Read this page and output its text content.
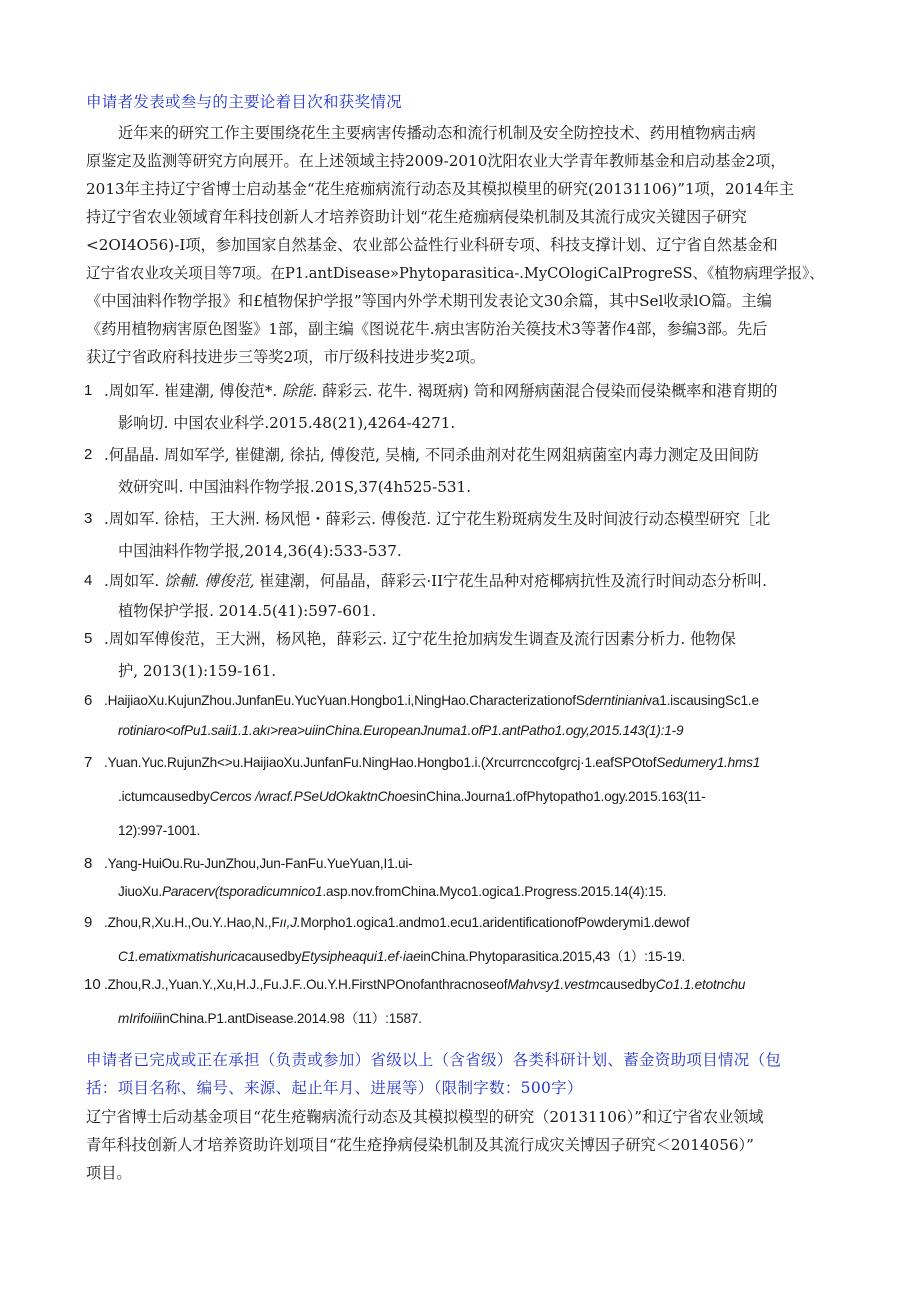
申请者发表或叁与的主要论着目次和获奖情况
近年来的研究工作主要围绕花生主要病害传播动态和流行机制及安全防控技术、药用植物病击病
原鉴定及监测等研究方向展开。在上述领域主持2009-2010沈阳农业大学青年教师基金和启动基金2项，
2013年主持辽宁省博士启动基金“花生疮痂病流行动态及其模拟模里的研究(20131106)”1项，2014年主
持辽宁省农业领域育年科技创新人才培养资助计划“花生疮痂病侵染机制及其流行成灾关键因子研究
<2OI4O56)-I项，参加国家自然基金、农业部公益性行业科研专项、科技支撑计划、辽宁省自然基金和
辽宁省农业攻关项目等7项。在P1.antDisease»Phytoparasitica-.MyCOlogiCalProgreSS、《植物病理学报》、
《中国油料作物学报》和£植物保护学报”等国内外学术期刊发表论文30余篇，其中Sel收录lO篇。主编
《药用植物病害原色图鉴》1部，副主编《图说花牛.病虫害防治关篌技术3等著作4部，参编3部。先后
获辽宁省政府科技进步三等奖2项，市厅级科技进步奖2项。
1 .周如军. 崔建潮, 傅俊范*. 除能. 薛彩云. 花牛. 褐斑病) 笥和网掰病菌混合侵染而侵染概率和港育期的
影响切. 中国农业科学.2015.48(21),4264-4271.
2 .何晶晶. 周如军学, 崔健潮, 徐拈, 傅俊范, 吴楠, 不同杀曲剂对花生网爼病菌室内毒力测定及田间防
效研究叫. 中国油料作物学报.201S,37(4h525-531.
3 .周如军. 徐桔，王大洲. 杨风悒・薛彩云. 傅俊范. 辽宁花生粉斑病发生及时间波行动态模型研究［北
中国油料作物学报,2014,36(4):533-537.
4 .周如军. 馀輔. 傅俊范, 崔建潮，何晶晶，薛彩云·II宁花生品种对疮椰病抗性及流行时间动态分析叫.
植物保护学报. 2014.5(41):597-601.
5 .周如军傅俊范，王大洲，杨风艳，薛彩云. 辽宁花生抢加病发生调查及流行因素分析力. 他物保
护, 2013(1):159-161.
6 .HaijiaoXu.KujunZhou.JunfanEu.YucYuan.Hongbo1.i,NingHao.CharacterizationofSderntinianiva1.iscausingSc1.e
rotiniaro<ofPu1.saii1.1.akı>rea>uiinChina.EuropeanJnuma1.ofP1.antPatho1.ogy,2015.143(1):1-9
7 .Yuan.Yuc.RujunZh<>u.HaijiaoXu.JunfanFu.NingHao.Hongbo1.i.(Xrcurrcnccofgrcj·1.eafSPOtofSedumery1.hms1
.ictumcausedbyCercos /wracf.PSeUdOkaktnChoesinChina.Journa1.ofPhytopatho1.ogy.2015.163(11-
12):997-1001.
8 .Yang-HuiOu.Ru-JunZhou,Jun-FanFu.YueYuan,I1.ui-
JiuoXu.Paracerv(tsporadicumnico1.asp.nov.fromChina.Myco1.ogica1.Progress.2015.14(4):15.
9 .Zhou,R,Xu.H.,Ou.Y..Hao,N.,Fıı,J.Morpho1.ogica1.andmo1.ecu1.aridentificationofPowderymi1.dewof
C1.ematixmatishuricacausedbyEtysipheaqui1.ef·iaeinChina.Phytoparasitica.2015,43（1）:15-19.
10 .Zhou,R.J.,Yuan.Y.,Xu,H.J.,Fu.J.F..Ou.Y.H.FirstNPOnofanthracnoseofMahvsy1.vestmcausedbyCo1.1.etotnchu
mIrifoiiiinChina.P1.antDisease.2014.98（11）:1587.
申请者已完成或正在承担（负责或参加）省级以上（含省级）各类科研计划、蓄金资助项目情况（包
括：项目名称、编号、来源、起止年月、进展等）（限制字数：500字）
辽宁省博士后动基金项目“花生疮鞠病流行动态及其模拟模型的研究（20131106）”和辽宁省农业领域
青年科技创新人才培养资助许划项目“花生疮挣病侵染机制及其流行成灾关博因子研究＜2014056）”
项目。
